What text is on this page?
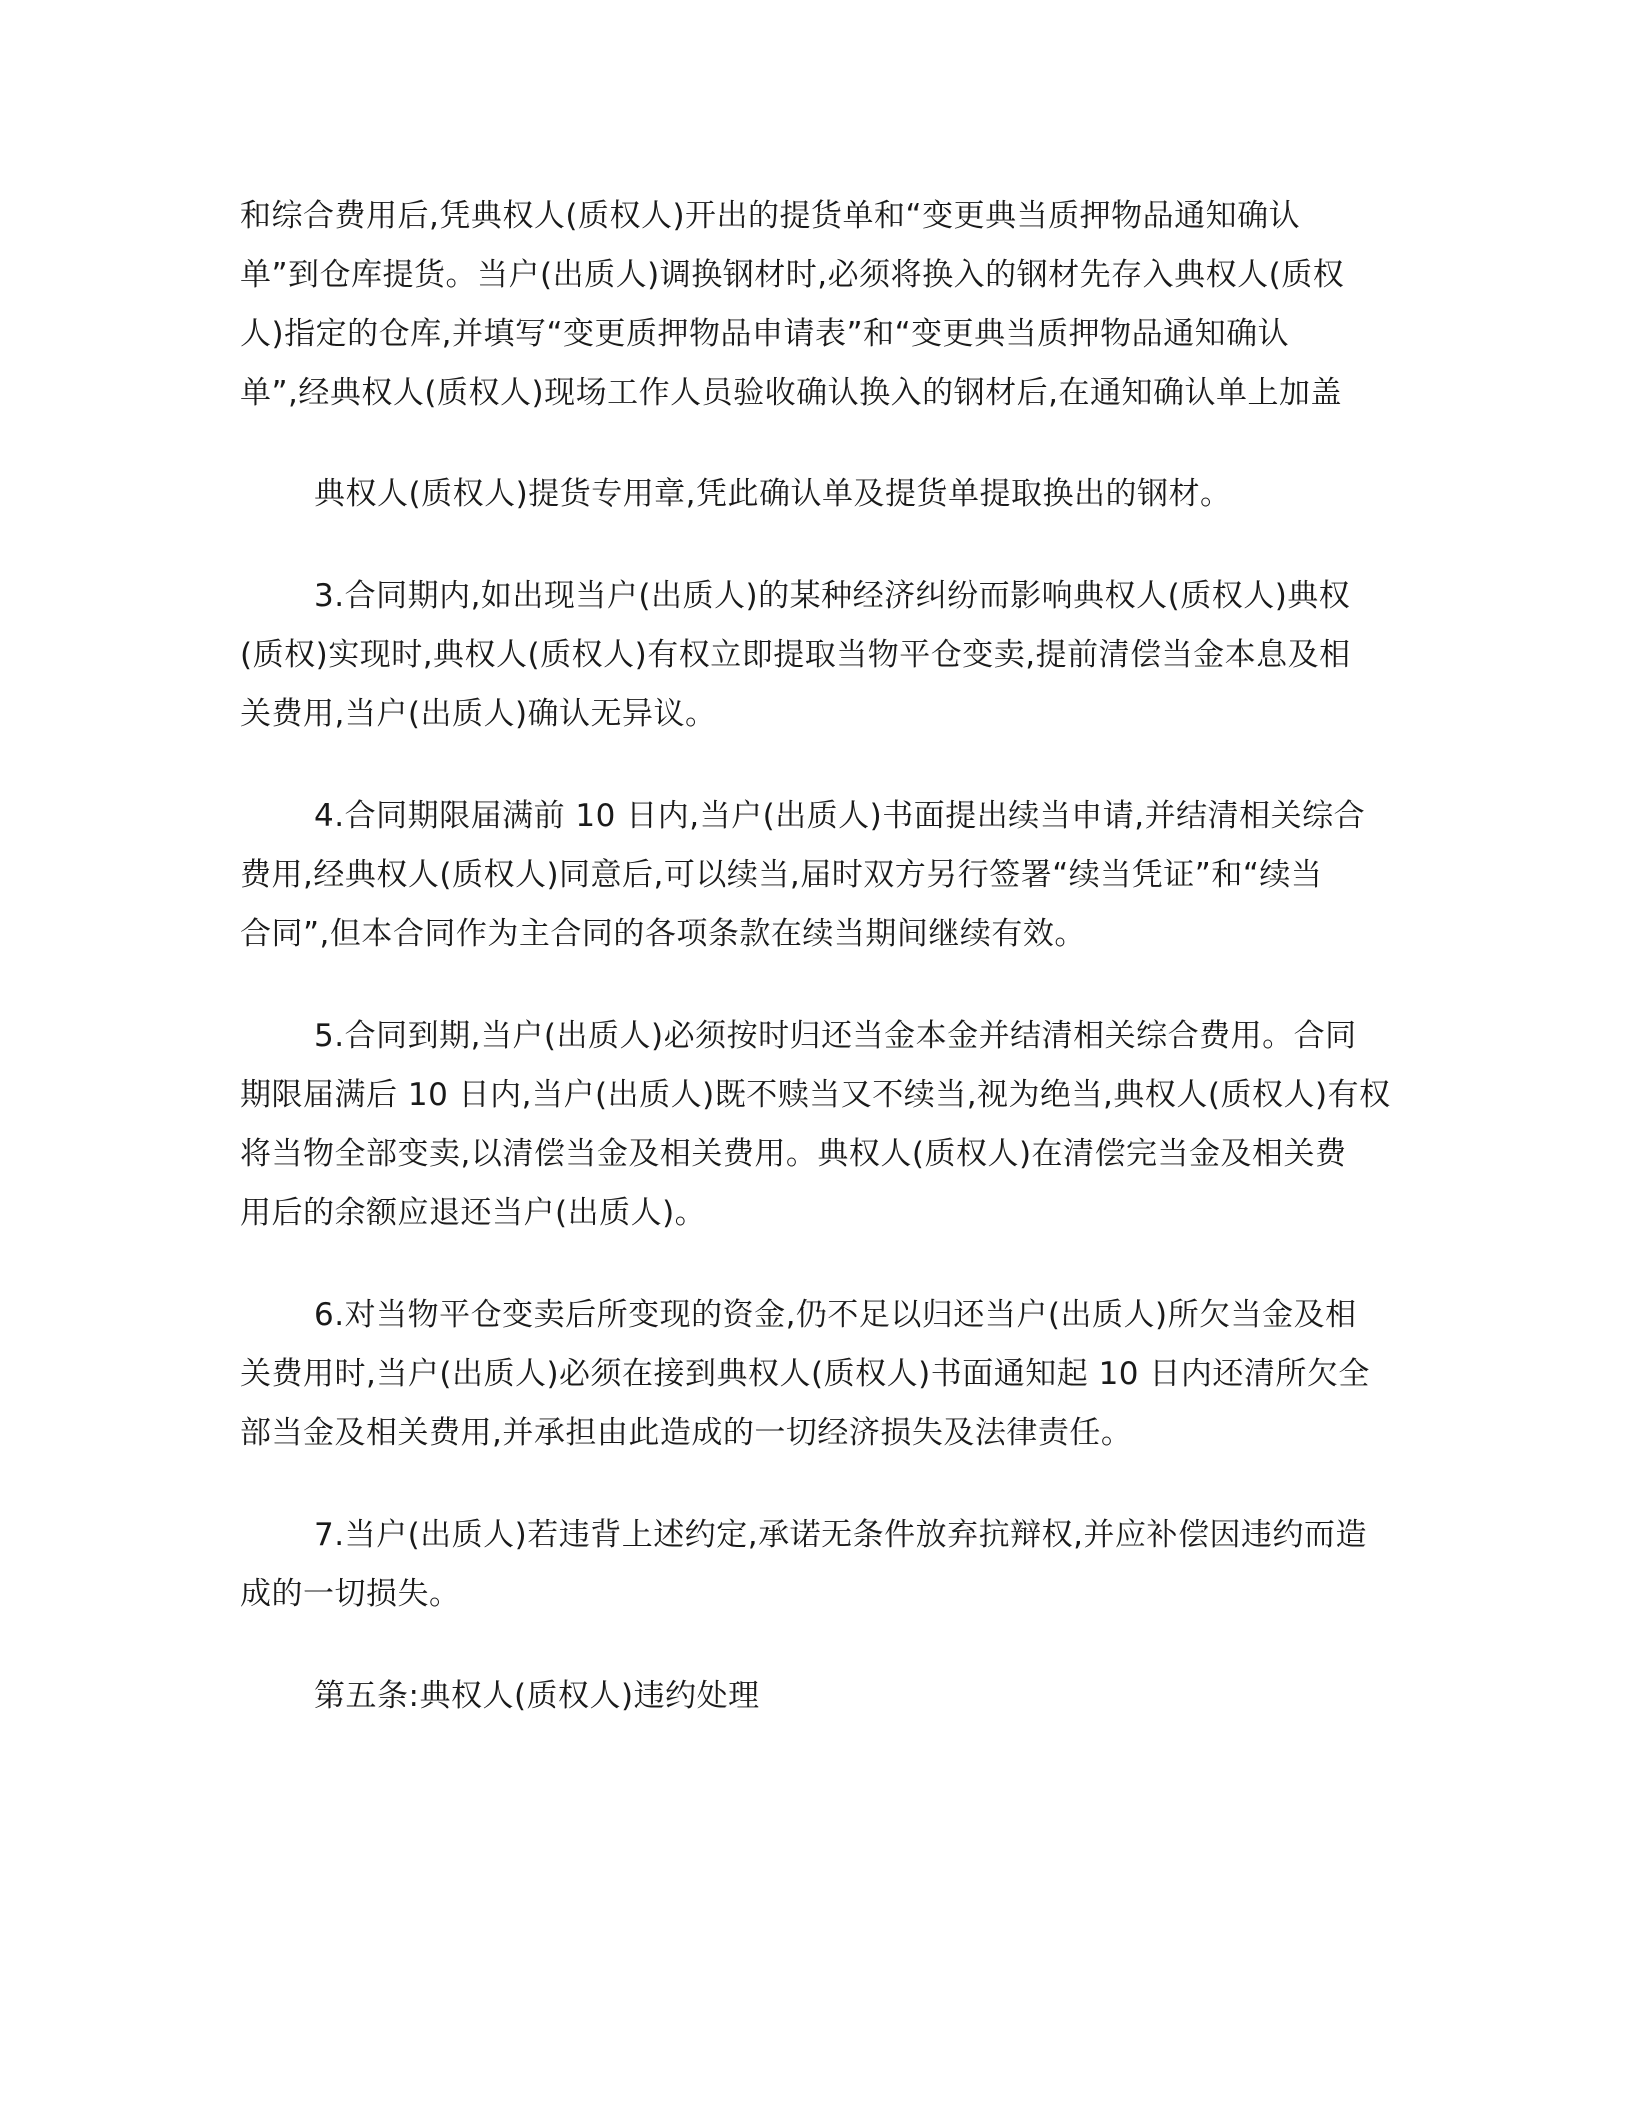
和综合费用后,凭典权人(质权人)开出的提货单和“变更典当质押物品通知确认
单”到仓库提货。当户(出质人)调换钢材时,必须将换入的钢材先存入典权人(质权
人)指定的仓库,并填写“变更质押物品申请表”和“变更典当质押物品通知确认
单”,经典权人(质权人)现场工作人员验收确认换入的钢材后,在通知确认单上加盖
典权人(质权人)提货专用章,凭此确认单及提货单提取换出的钢材。
3.合同期内,如出现当户(出质人)的某种经济纠纷而影响典权人(质权人)典权
(质权)实现时,典权人(质权人)有权立即提取当物平仓变卖,提前清偿当金本息及相
关费用,当户(出质人)确认无异议。
4.合同期限届满前 10 日内,当户(出质人)书面提出续当申请,并结清相关综合
费用,经典权人(质权人)同意后,可以续当,届时双方另行签署“续当凭证”和“续当
合同”,但本合同作为主合同的各项条款在续当期间继续有效。
5.合同到期,当户(出质人)必须按时归还当金本金并结清相关综合费用。合同
期限届满后 10 日内,当户(出质人)既不赎当又不续当,视为绝当,典权人(质权人)有权
将当物全部变卖,以清偿当金及相关费用。典权人(质权人)在清偿完当金及相关费
用后的余额应退还当户(出质人)。
6.对当物平仓变卖后所变现的资金,仍不足以归还当户(出质人)所欠当金及相
关费用时,当户(出质人)必须在接到典权人(质权人)书面通知起 10 日内还清所欠全
部当金及相关费用,并承担由此造成的一切经济损失及法律责任。
7.当户(出质人)若违背上述约定,承诺无条件放弃抗辩权,并应补偿因违约而造
成的一切损失。
第五条:典权人(质权人)违约处理
